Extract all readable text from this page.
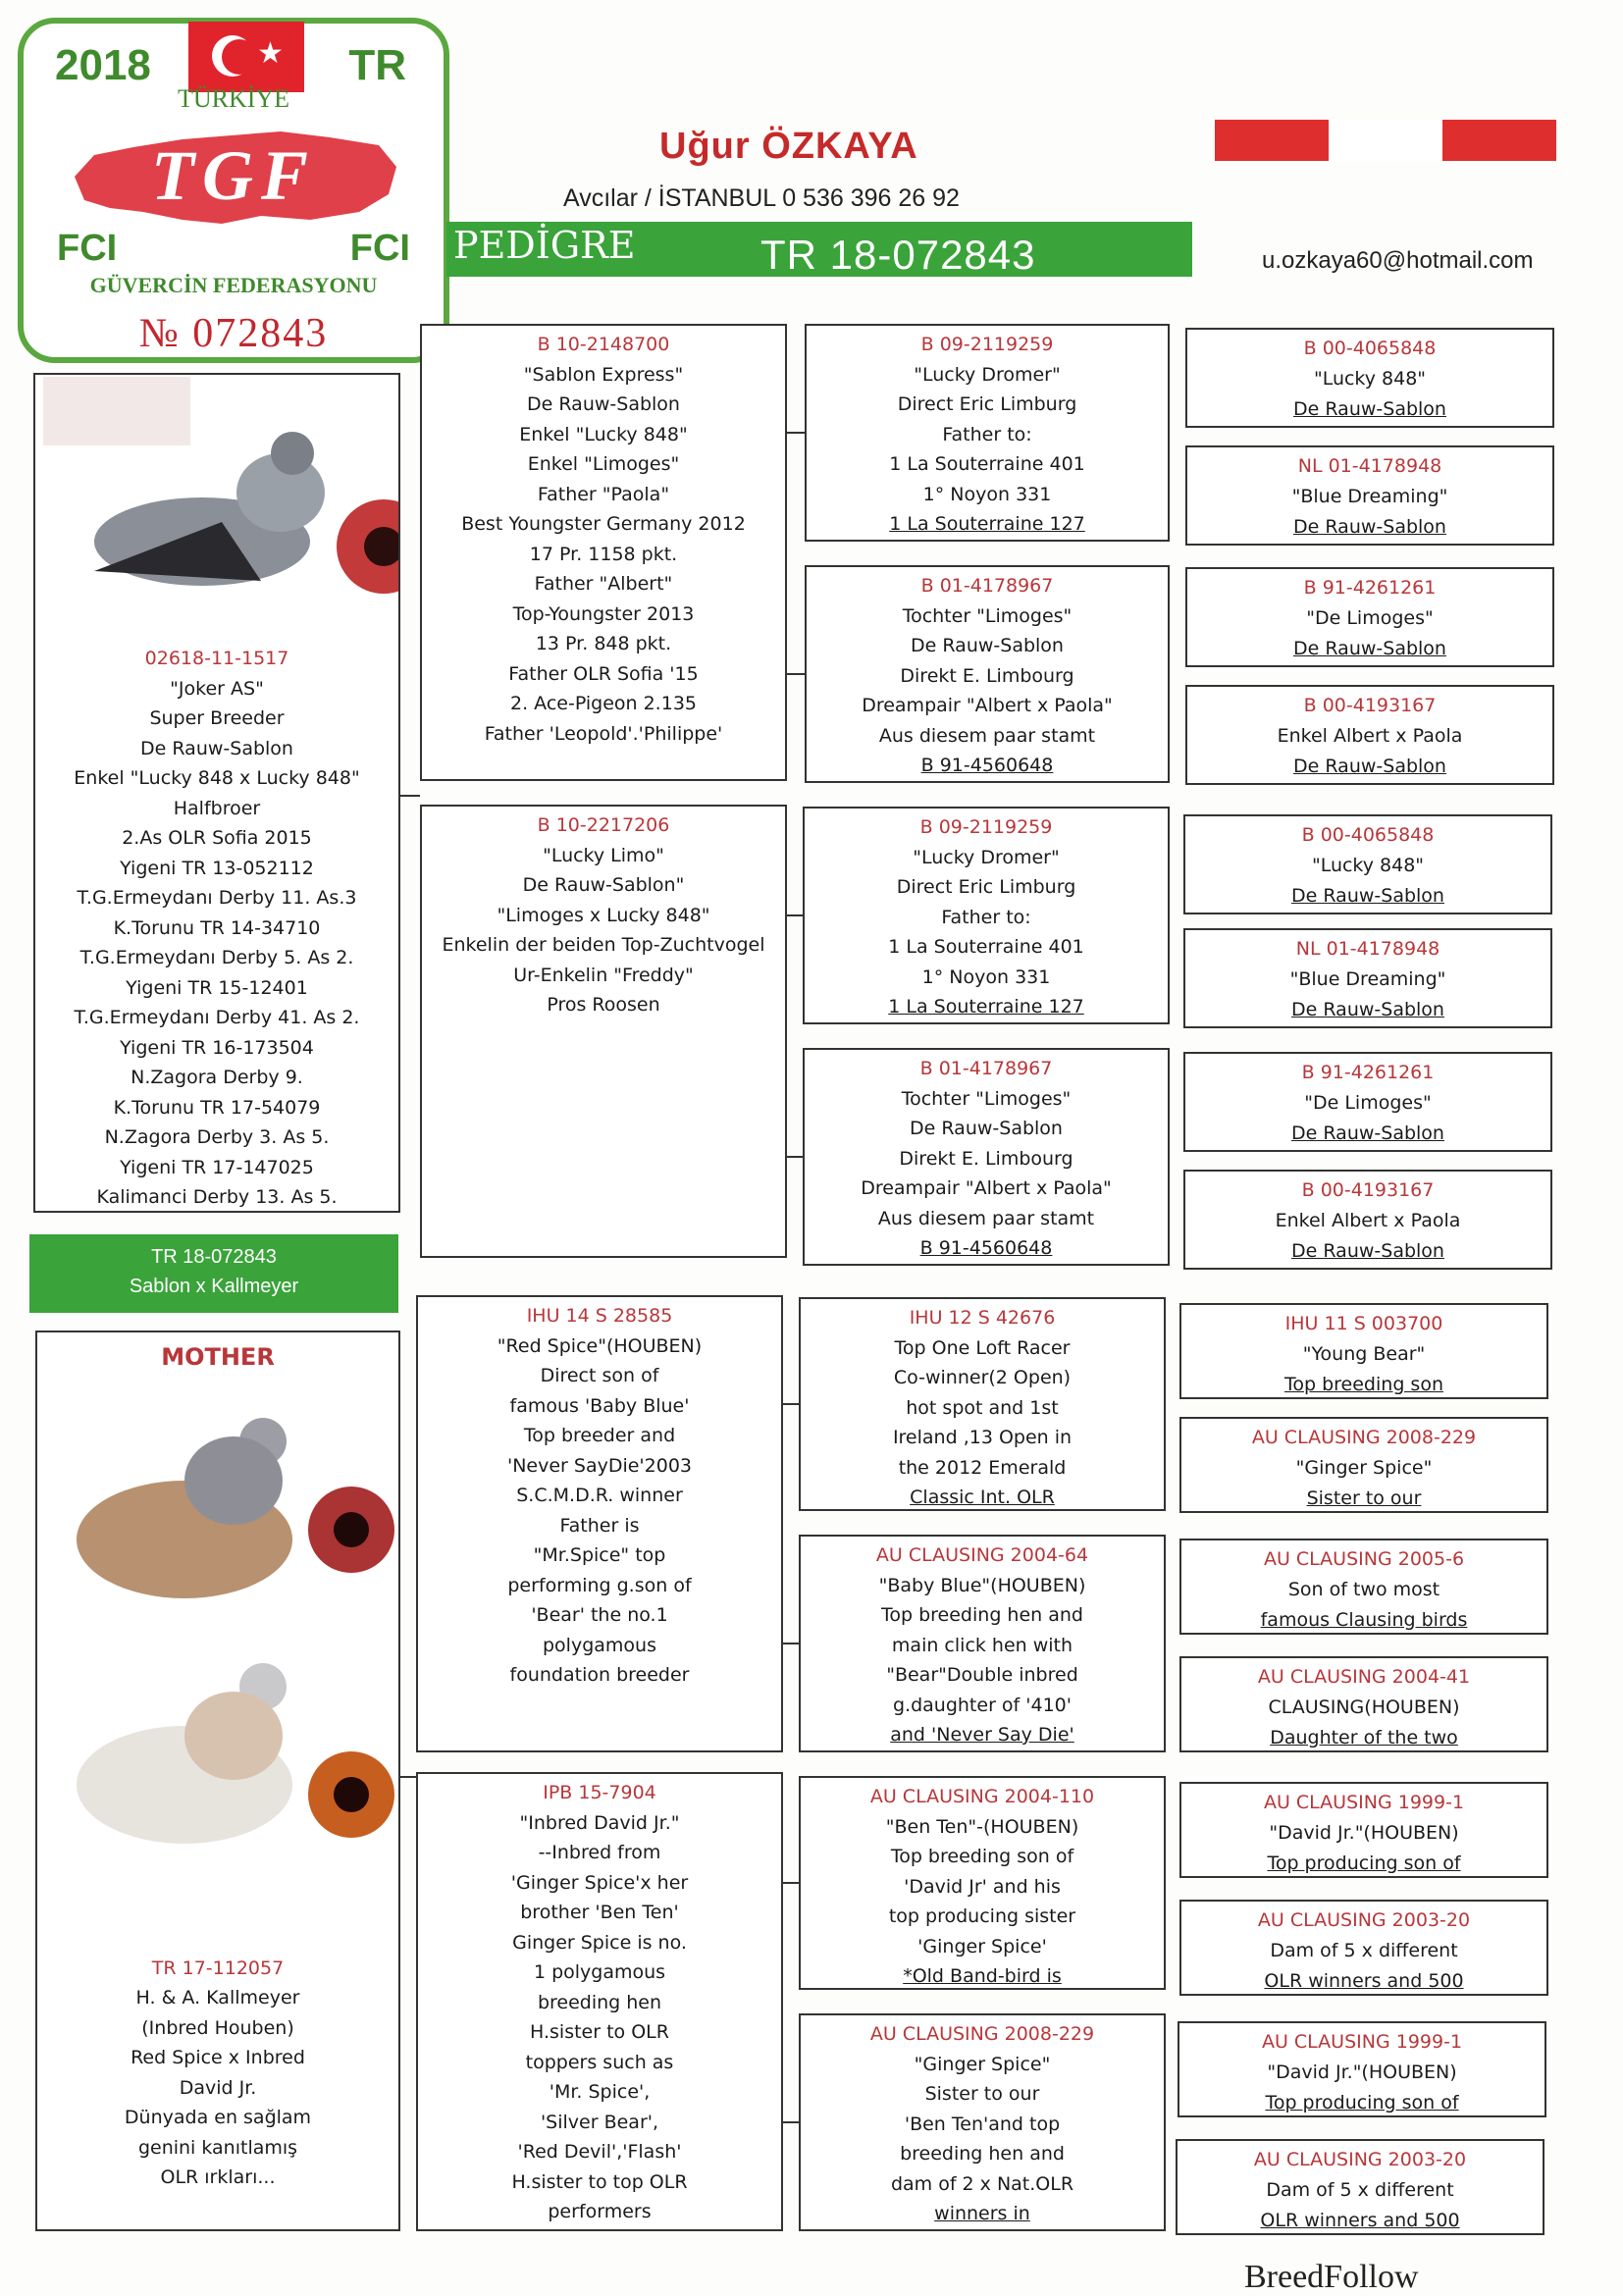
★
2018	TR
TÜRKİYE
TGF
FCI	FCI
GÜVERCİN FEDERASYONU
№ 072843
Uğur ÖZKAYA
Avcılar / İSTANBUL 0 536 396 26 92
PEDİGRE	TR 18-072843	u.ozkaya60@hotmail.com
02618-11-1517
"Joker AS"
Super Breeder
De Rauw-Sablon
Enkel "Lucky 848 x Lucky 848"
Halfbroer
2.As OLR Sofia 2015
Yigeni TR 13-052112
T.G.Ermeydanı Derby 11. As.3
K.Torunu TR 14-34710
T.G.Ermeydanı Derby 5. As 2.
Yigeni TR 15-12401
T.G.Ermeydanı Derby 41. As 2.
Yigeni TR 16-173504
N.Zagora Derby 9.
K.Torunu TR 17-54079
N.Zagora Derby 3. As 5.
Yigeni TR 17-147025
Kalimanci Derby 13. As 5.
TR 18-072843
Sablon x Kallmeyer
MOTHER
TR 17-112057
H. & A. Kallmeyer
(Inbred Houben)
Red Spice x Inbred
David Jr.
Dünyada en sağlam
genini kanıtlamış
OLR ırkları...
B 10-2148700
"Sablon Express"
De Rauw-Sablon
Enkel "Lucky 848"
Enkel "Limoges"
Father "Paola"
Best Youngster Germany 2012
17 Pr. 1158 pkt.
Father "Albert"
Top-Youngster 2013
13 Pr. 848 pkt.
Father OLR Sofia '15
2. Ace-Pigeon 2.135
Father 'Leopold'.'Philippe'
B 10-2217206
"Lucky Limo"
De Rauw-Sablon"
"Limoges x Lucky 848"
Enkelin der beiden Top-Zuchtvogel
Ur-Enkelin "Freddy"
Pros Roosen
IHU 14 S 28585
"Red Spice"(HOUBEN)
Direct son of
famous 'Baby Blue'
Top breeder and
'Never SayDie'2003
S.C.M.D.R. winner
Father is
"Mr.Spice" top
performing g.son of
'Bear' the no.1
polygamous
foundation breeder
IPB 15-7904
"Inbred David Jr."
--Inbred from
'Ginger Spice'x her
brother 'Ben Ten'
Ginger Spice is no.
1 polygamous
breeding hen
H.sister to OLR
toppers such as
'Mr. Spice',
'Silver Bear',
'Red Devil','Flash'
H.sister to top OLR
performers
B 09-2119259
"Lucky Dromer"
Direct Eric Limburg
Father to:
1 La Souterraine 401
1° Noyon 331
1 La Souterraine 127
B 01-4178967
Tochter "Limoges"
De Rauw-Sablon
Direkt E. Limbourg
Dreampair "Albert x Paola"
Aus diesem paar stamt
B 91-4560648
B 09-2119259
"Lucky Dromer"
Direct Eric Limburg
Father to:
1 La Souterraine 401
1° Noyon 331
1 La Souterraine 127
B 01-4178967
Tochter "Limoges"
De Rauw-Sablon
Direkt E. Limbourg
Dreampair "Albert x Paola"
Aus diesem paar stamt
B 91-4560648
IHU 12 S 42676
Top One Loft Racer
Co-winner(2 Open)
hot spot and 1st
Ireland ,13 Open in
the 2012 Emerald
Classic Int. OLR
AU CLAUSING 2004-64
"Baby Blue"(HOUBEN)
Top breeding hen and
main click hen with
"Bear"Double inbred
g.daughter of '410'
and 'Never Say Die'
AU CLAUSING 2004-110
"Ben Ten"-(HOUBEN)
Top breeding son of
'David Jr' and his
top producing sister
'Ginger Spice'
*Old Band-bird is
AU CLAUSING 2008-229
"Ginger Spice"
Sister to our
'Ben Ten'and top
breeding hen and
dam of 2 x Nat.OLR
winners in
B 00-4065848
"Lucky 848"
De Rauw-Sablon
NL 01-4178948
"Blue Dreaming"
De Rauw-Sablon
B 91-4261261
"De Limoges"
De Rauw-Sablon
B 00-4193167
Enkel Albert x Paola
De Rauw-Sablon
B 00-4065848
"Lucky 848"
De Rauw-Sablon
NL 01-4178948
"Blue Dreaming"
De Rauw-Sablon
B 91-4261261
"De Limoges"
De Rauw-Sablon
B 00-4193167
Enkel Albert x Paola
De Rauw-Sablon
IHU 11 S 003700
"Young Bear"
Top breeding son
AU CLAUSING 2008-229
"Ginger Spice"
Sister to our
AU CLAUSING 2005-6
Son of two most
famous Clausing birds
AU CLAUSING 2004-41
CLAUSING(HOUBEN)
Daughter of the two
AU CLAUSING 1999-1
"David Jr."(HOUBEN)
Top producing son of
AU CLAUSING 2003-20
Dam of 5 x different
OLR winners and 500
AU CLAUSING 1999-1
"David Jr."(HOUBEN)
Top producing son of
AU CLAUSING 2003-20
Dam of 5 x different
OLR winners and 500
BreedFollow
